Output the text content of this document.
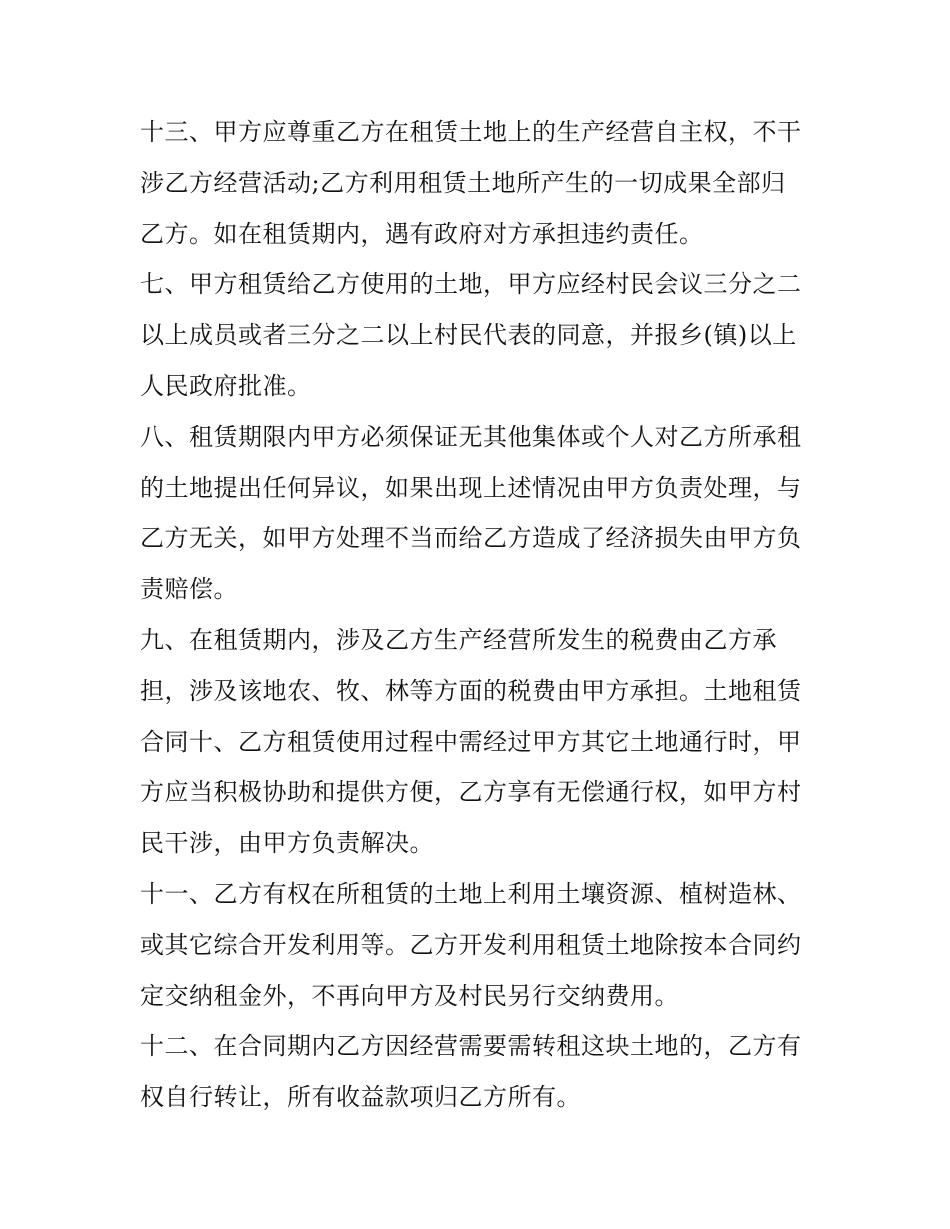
十三、甲方应尊重乙方在租赁土地上的生产经营自主权，不干
涉乙方经营活动;乙方利用租赁土地所产生的一切成果全部归
乙方。如在租赁期内，遇有政府对方承担违约责任。
七、甲方租赁给乙方使用的土地，甲方应经村民会议三分之二
以上成员或者三分之二以上村民代表的同意，并报乡(镇)以上
人民政府批准。
八、租赁期限内甲方必须保证无其他集体或个人对乙方所承租
的土地提出任何异议，如果出现上述情况由甲方负责处理，与
乙方无关，如甲方处理不当而给乙方造成了经济损失由甲方负
责赔偿。
九、在租赁期内，涉及乙方生产经营所发生的税费由乙方承
担，涉及该地农、牧、林等方面的税费由甲方承担。土地租赁
合同十、乙方租赁使用过程中需经过甲方其它土地通行时，甲
方应当积极协助和提供方便，乙方享有无偿通行权，如甲方村
民干涉，由甲方负责解决。
十一、乙方有权在所租赁的土地上利用土壤资源、植树造林、
或其它综合开发利用等。乙方开发利用租赁土地除按本合同约
定交纳租金外，不再向甲方及村民另行交纳费用。
十二、在合同期内乙方因经营需要需转租这块土地的，乙方有
权自行转让，所有收益款项归乙方所有。
